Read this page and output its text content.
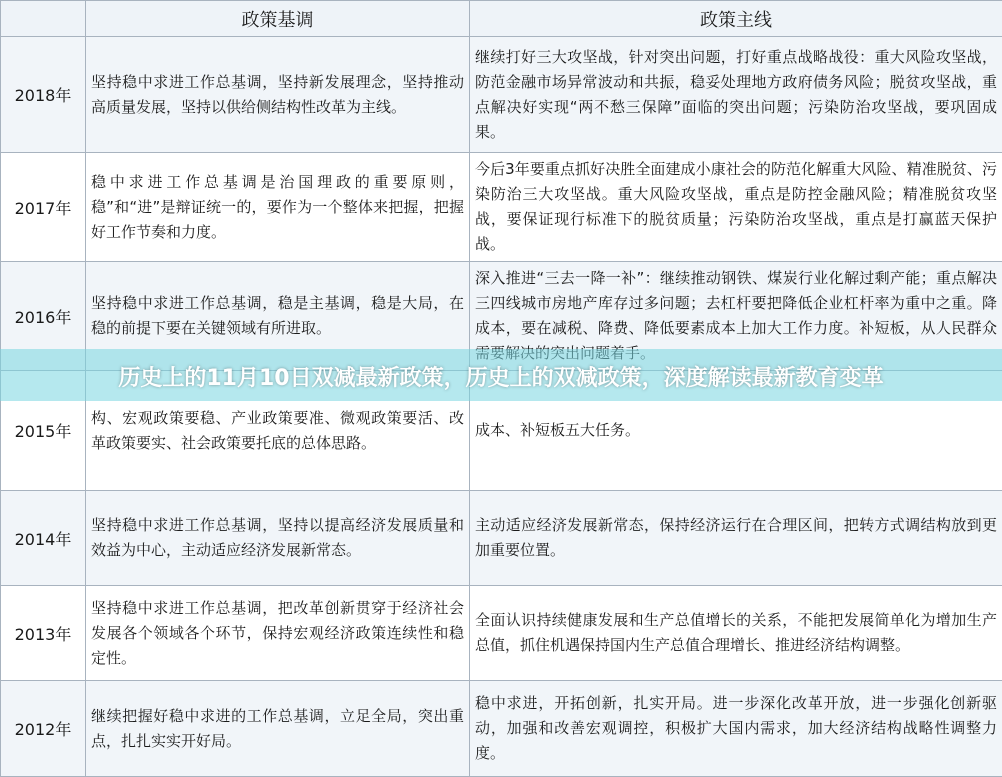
	政策基调	政策主线
2018年	坚持稳中求进工作总基调，坚持新发展理念，坚持推动高质量发展，坚持以供给侧结构性改革为主线。	继续打好三大攻坚战，针对突出问题，打好重点战略战役：重大风险攻坚战，防范金融市场异常波动和共振，稳妥处理地方政府债务风险；脱贫攻坚战，重点解决好实现“两不愁三保障”面临的突出问题；污染防治攻坚战，要巩固成果。
2017年	稳中求进工作总基调是治国理政的重要原则，稳”和“进”是辩证统一的，要作为一个整体来把握，把握好工作节奏和力度。	今后3年要重点抓好决胜全面建成小康社会的防范化解重大风险、精准脱贫、污染防治三大攻坚战。重大风险攻坚战，重点是防控金融风险；精准脱贫攻坚战，要保证现行标准下的脱贫质量；污染防治攻坚战，重点是打赢蓝天保护战。
2016年	坚持稳中求进工作总基调，稳是主基调，稳是大局，在稳的前提下要在关键领域有所进取。	深入推进“三去一降一补”：继续推动钢铁、煤炭行业化解过剩产能；重点解决三四线城市房地产库存过多问题；去杠杆要把降低企业杠杆率为重中之重。降成本，要在减税、降费、降低要素成本上加大工作力度。补短板，从人民群众
2015年	构、宏观政策要稳、产业政策要准、微观政策要活、改革政策要实、社会政策要托底的总体思路。	成本、补短板五大任务。
2014年	坚持稳中求进工作总基调，坚持以提高经济发展质量和效益为中心，主动适应经济发展新常态。	主动适应经济发展新常态，保持经济运行在合理区间，把转方式调结构放到更加重要位置。
2013年	坚持稳中求进工作总基调，把改革创新贯穿于经济社会发展各个领域各个环节，保持宏观经济政策连续性和稳定性。	全面认识持续健康发展和生产总值增长的关系，不能把发展简单化为增加生产总值，抓住机遇保持国内生产总值合理增长、推进经济结构调整。
2012年	继续把握好稳中求进的工作总基调，立足全局，突出重点，扎扎实实开好局。	稳中求进，开拓创新，扎实开局。进一步深化改革开放，进一步强化创新驱动，加强和改善宏观调控，积极扩大国内需求，加大经济结构战略性调整力度。
历史上的11月10日双减最新政策，历史上的双减政策，深度解读最新教育变革
